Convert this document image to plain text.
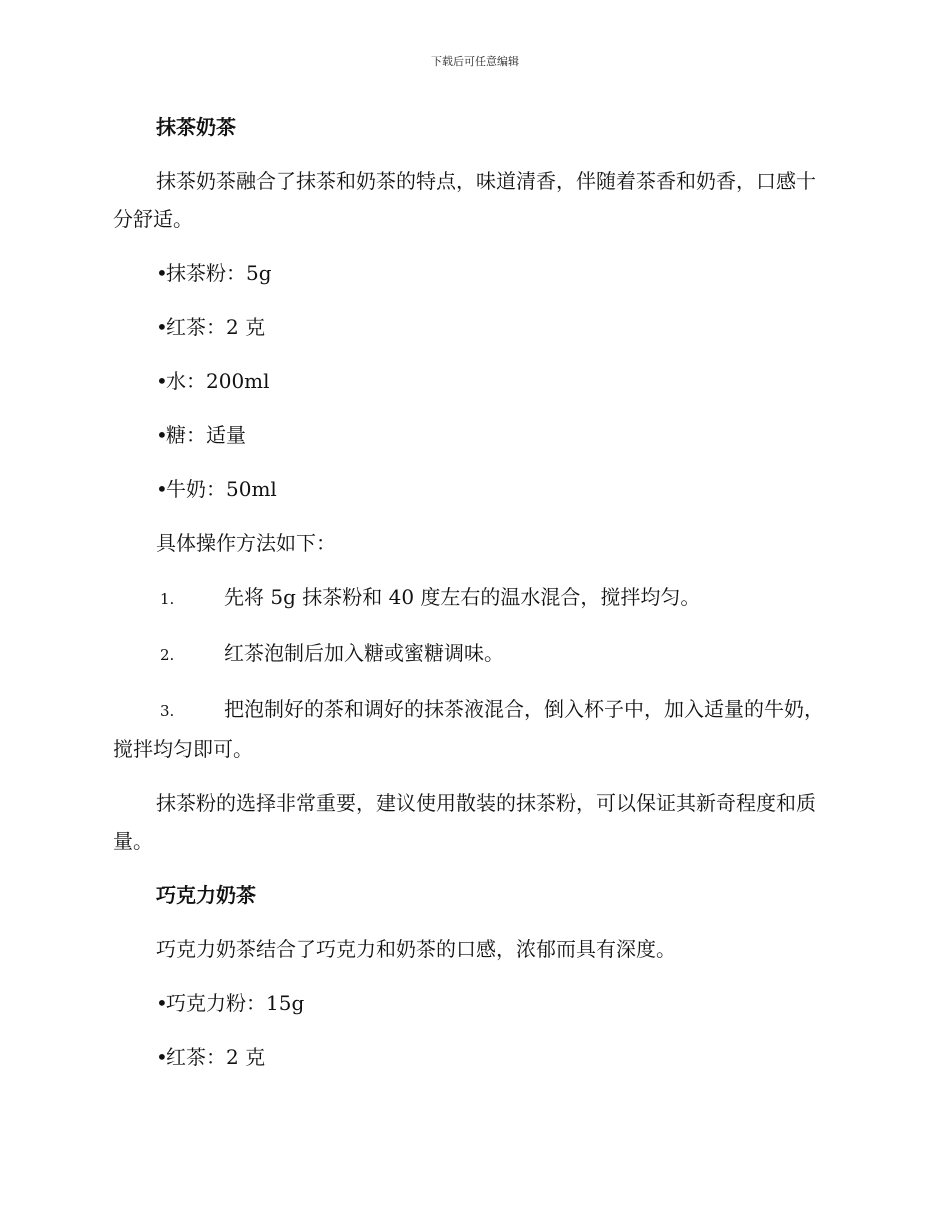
下载后可任意编辑
抹茶奶茶
抹茶奶茶融合了抹茶和奶茶的特点，味道清香，伴随着茶香和奶香，口感十分舒适。
•抹茶粉：5g
•红茶：2 克
•水：200ml
•糖：适量
•牛奶：50ml
具体操作方法如下：
1. 先将 5g 抹茶粉和 40 度左右的温水混合，搅拌均匀。
2. 红茶泡制后加入糖或蜜糖调味。
3. 把泡制好的茶和调好的抹茶液混合，倒入杯子中，加入适量的牛奶，搅拌均匀即可。
抹茶粉的选择非常重要，建议使用散装的抹茶粉，可以保证其新奇程度和质量。
巧克力奶茶
巧克力奶茶结合了巧克力和奶茶的口感，浓郁而具有深度。
•巧克力粉：15g
•红茶：2 克
